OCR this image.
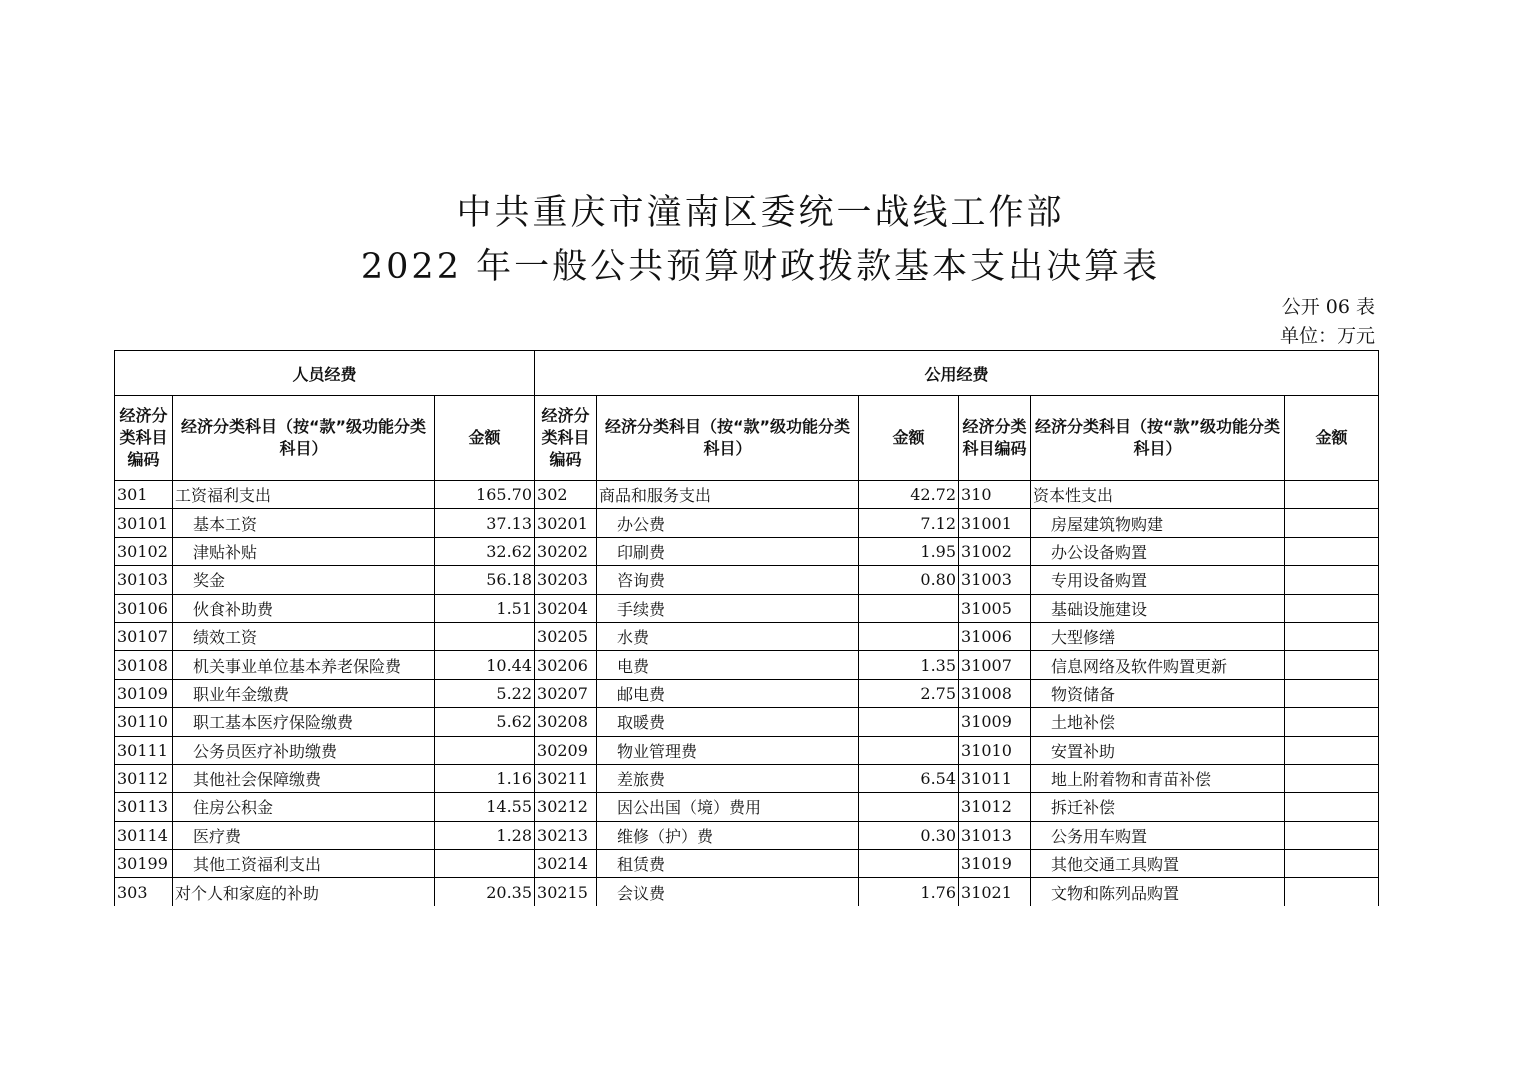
中共重庆市潼南区委统一战线工作部
2022 年一般公共预算财政拨款基本支出决算表
公开 06 表
单位：万元
人员经费			公用经费					
经济分类科目编码	经济分类科目（按“款”级功能分类科目）	金额	经济分类科目编码	经济分类科目（按“款”级功能分类科目）	金额	经济分类科目编码	经济分类科目（按“款”级功能分类科目）	金额
301	工资福利支出	165.70	302	商品和服务支出	42.72	310	资本性支出	
30101	基本工资	37.13	30201	办公费	7.12	31001	房屋建筑物购建	
30102	津贴补贴	32.62	30202	印刷费	1.95	31002	办公设备购置	
30103	奖金	56.18	30203	咨询费	0.80	31003	专用设备购置	
30106	伙食补助费	1.51	30204	手续费		31005	基础设施建设	
30107	绩效工资		30205	水费		31006	大型修缮	
30108	机关事业单位基本养老保险费	10.44	30206	电费	1.35	31007	信息网络及软件购置更新	
30109	职业年金缴费	5.22	30207	邮电费	2.75	31008	物资储备	
30110	职工基本医疗保险缴费	5.62	30208	取暖费		31009	土地补偿	
30111	公务员医疗补助缴费		30209	物业管理费		31010	安置补助	
30112	其他社会保障缴费	1.16	30211	差旅费	6.54	31011	地上附着物和青苗补偿	
30113	住房公积金	14.55	30212	因公出国（境）费用		31012	拆迁补偿	
30114	医疗费	1.28	30213	维修（护）费	0.30	31013	公务用车购置	
30199	其他工资福利支出		30214	租赁费		31019	其他交通工具购置	
303	对个人和家庭的补助	20.35	30215	会议费	1.76	31021	文物和陈列品购置	
